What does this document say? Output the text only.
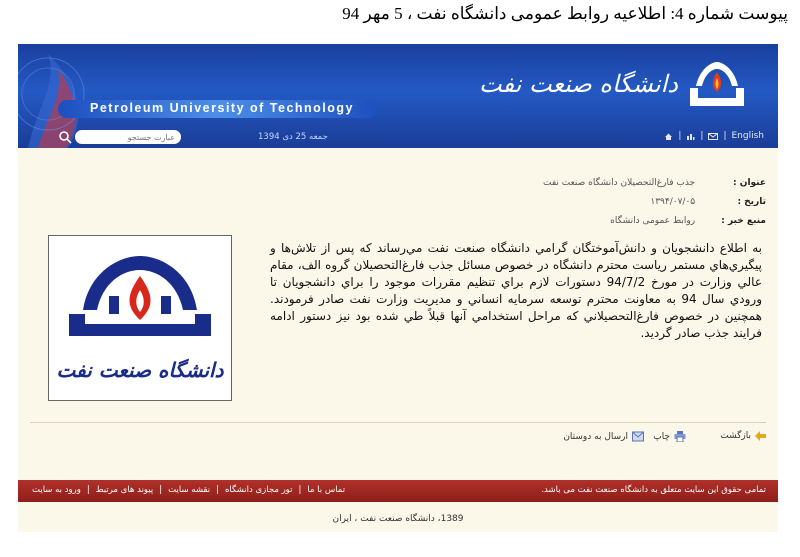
پیوست شماره 4: اطلاعیه روابط عمومی دانشگاه نفت ، 5 مهر 94
Petroleum University of Technology
دانشگاه صنعت نفت
عبارت جستجو
جمعه 25 دی 1394	| | | English
عنوان : جذب فارغ‌التحصیلان دانشگاه صنعت نفت
تاریخ : ۱۳۹۴/۰۷/۰۵
منبع خبر : روابط عمومی دانشگاه
دانشگاه صنعت نفت
به اطلاع دانشجويان و دانش‌آموختگان گرامي دانشگاه صنعت نفت مي‌رساند كه پس از تلاش‌ها و پيگيري‌هاي مستمر رياست محترم دانشگاه در خصوص مسائل جذب فارغ‌التحصيلان گروه الف، مقام عالي وزارت در مورخ 94/7/2 دستورات لازم براي تنظيم مقررات موجود را براي دانشجويان تا ورودي سال 94 به معاونت محترم توسعه سرمايه انساني و مديريت وزارت نفت صادر فرمودند. همچنين در خصوص فارغ‌التحصيلاني كه مراحل استخدامي آنها قبلاً طي شده بود نيز دستور ادامه فرايند جذب صادر گرديد.
بازگشت
چاپ
ارسال به دوستان
تمامی حقوق این سایت متعلق به دانشگاه صنعت نفت می باشد.
تماس با ما
|
تور مجازی دانشگاه
|
نقشه سایت
|
پیوند های مرتبط
|
ورود به سایت
1389، دانشگاه صنعت نفت ، ایران
